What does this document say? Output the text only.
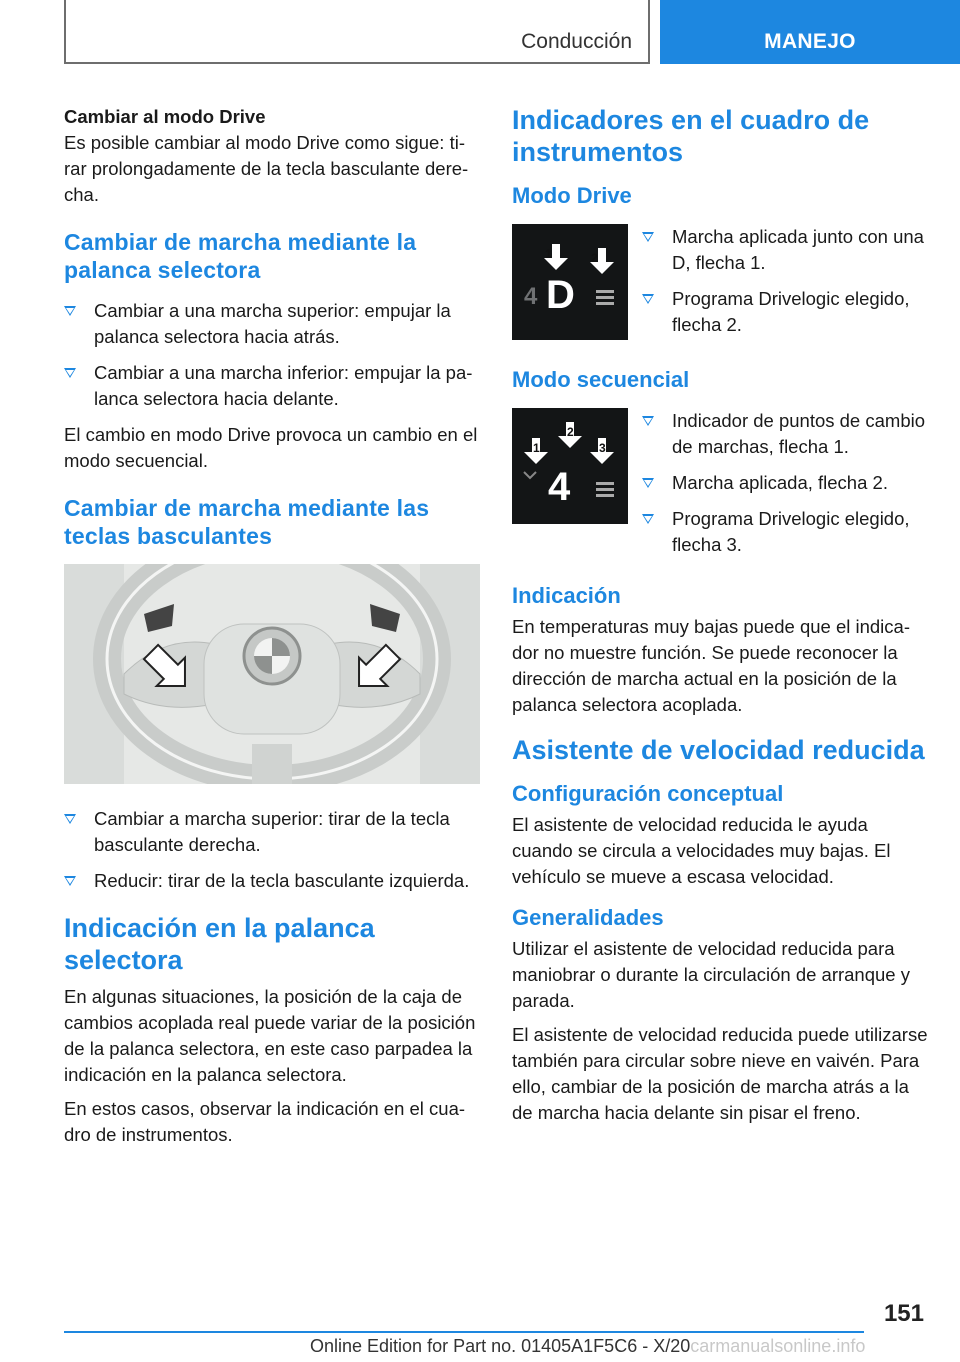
Conducción	MANEJO
Cambiar al modo Drive

Es posible cambiar al modo Drive como sigue: tirar prolongadamente de la tecla basculante derecha.

Cambiar de marcha mediante la palanca selectora
Cambiar a una marcha superior: empujar la palanca selectora hacia atrás.
Cambiar a una marcha inferior: empujar la palanca selectora hacia delante.

El cambio en modo Drive provoca un cambio en el modo secuencial.

Cambiar de marcha mediante las teclas basculantes
Cambiar a marcha superior: tirar de la tecla basculante derecha.
Reducir: tirar de la tecla basculante izquierda.
Indicación en la palanca selectora

En algunas situaciones, la posición de la caja de cambios acoplada real puede variar de la posición de la palanca selectora, en este caso parpadea la indicación en la palanca selectora.

En estos casos, observar la indicación en el cuadro de instrumentos.

Indicadores en el cuadro de instrumentos
Modo Drive
1	2
4 D
Marcha aplicada junto con una D, flecha 1.
Programa Drivelogic elegido, flecha 2.
Modo secuencial
1
2
3
4
Indicador de puntos de cambio de marchas, flecha 1.
Marcha aplicada, flecha 2.
Programa Drivelogic elegido, flecha 3.
Indicación

En temperaturas muy bajas puede que el indicador no muestre función. Se puede reconocer la dirección de marcha actual en la posición de la palanca selectora acoplada.

Asistente de velocidad reducida
Configuración conceptual

El asistente de velocidad reducida le ayuda cuando se circula a velocidades muy bajas. El vehículo se mueve a escasa velocidad.

Generalidades

Utilizar el asistente de velocidad reducida para maniobrar o durante la circulación de arranque y parada.

El asistente de velocidad reducida puede utilizarse también para circular sobre nieve en vaivén. Para ello, cambiar de la posición de marcha atrás a la de marcha hacia delante sin pisar el freno.

151
Online Edition for Part no. 01405A1F5C6 - X/20carmanualsonline.info
